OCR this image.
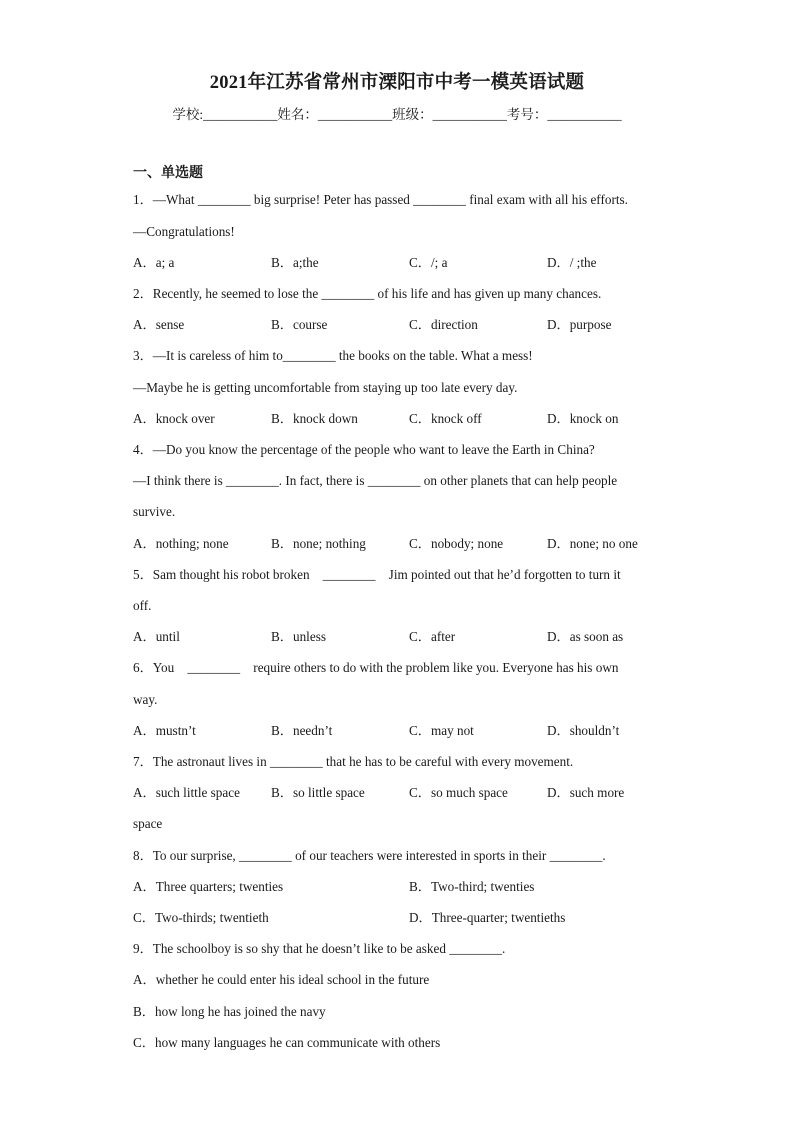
2021年江苏省常州市溧阳市中考一模英语试题
学校:___________姓名：___________班级：___________考号：___________
一、单选题
1．—What ________ big surprise! Peter has passed ________ final exam with all his efforts.
—Congratulations!
A．a; a	B．a;the	C．/; a	D．/ ;the
2．Recently, he seemed to lose the ________ of his life and has given up many chances.
A．sense	B．course	C．direction	D．purpose
3．—It is careless of him to________ the books on the table. What a mess!
—Maybe he is getting uncomfortable from staying up too late every day.
A．knock over	B．knock down	C．knock off	D．knock on
4．—Do you know the percentage of the people who want to leave the Earth in China?
—I think there is ________. In fact, there is ________ on other planets that can help people
survive.
A．nothing; none	B．none; nothing	C．nobody; none	D．none; no one
5．Sam thought his robot broken    ________    Jim pointed out that he’d forgotten to turn it
off.
A．until	B．unless	C．after	D．as soon as
6．You    ________    require others to do with the problem like you. Everyone has his own
way.
A．mustn’t	B．needn’t	C．may not	D．shouldn’t
7．The astronaut lives in ________ that he has to be careful with every movement.
A．such little space B．so little space	C．so much space	D．such more
space
8．To our surprise, ________ of our teachers were interested in sports in their ________.
A．Three quarters; twenties	B．Two-third; twenties
C．Two-thirds; twentieth	D．Three-quarter; twentieths
9．The schoolboy is so shy that he doesn’t like to be asked ________.
A．whether he could enter his ideal school in the future
B．how long he has joined the navy
C．how many languages he can communicate with others
